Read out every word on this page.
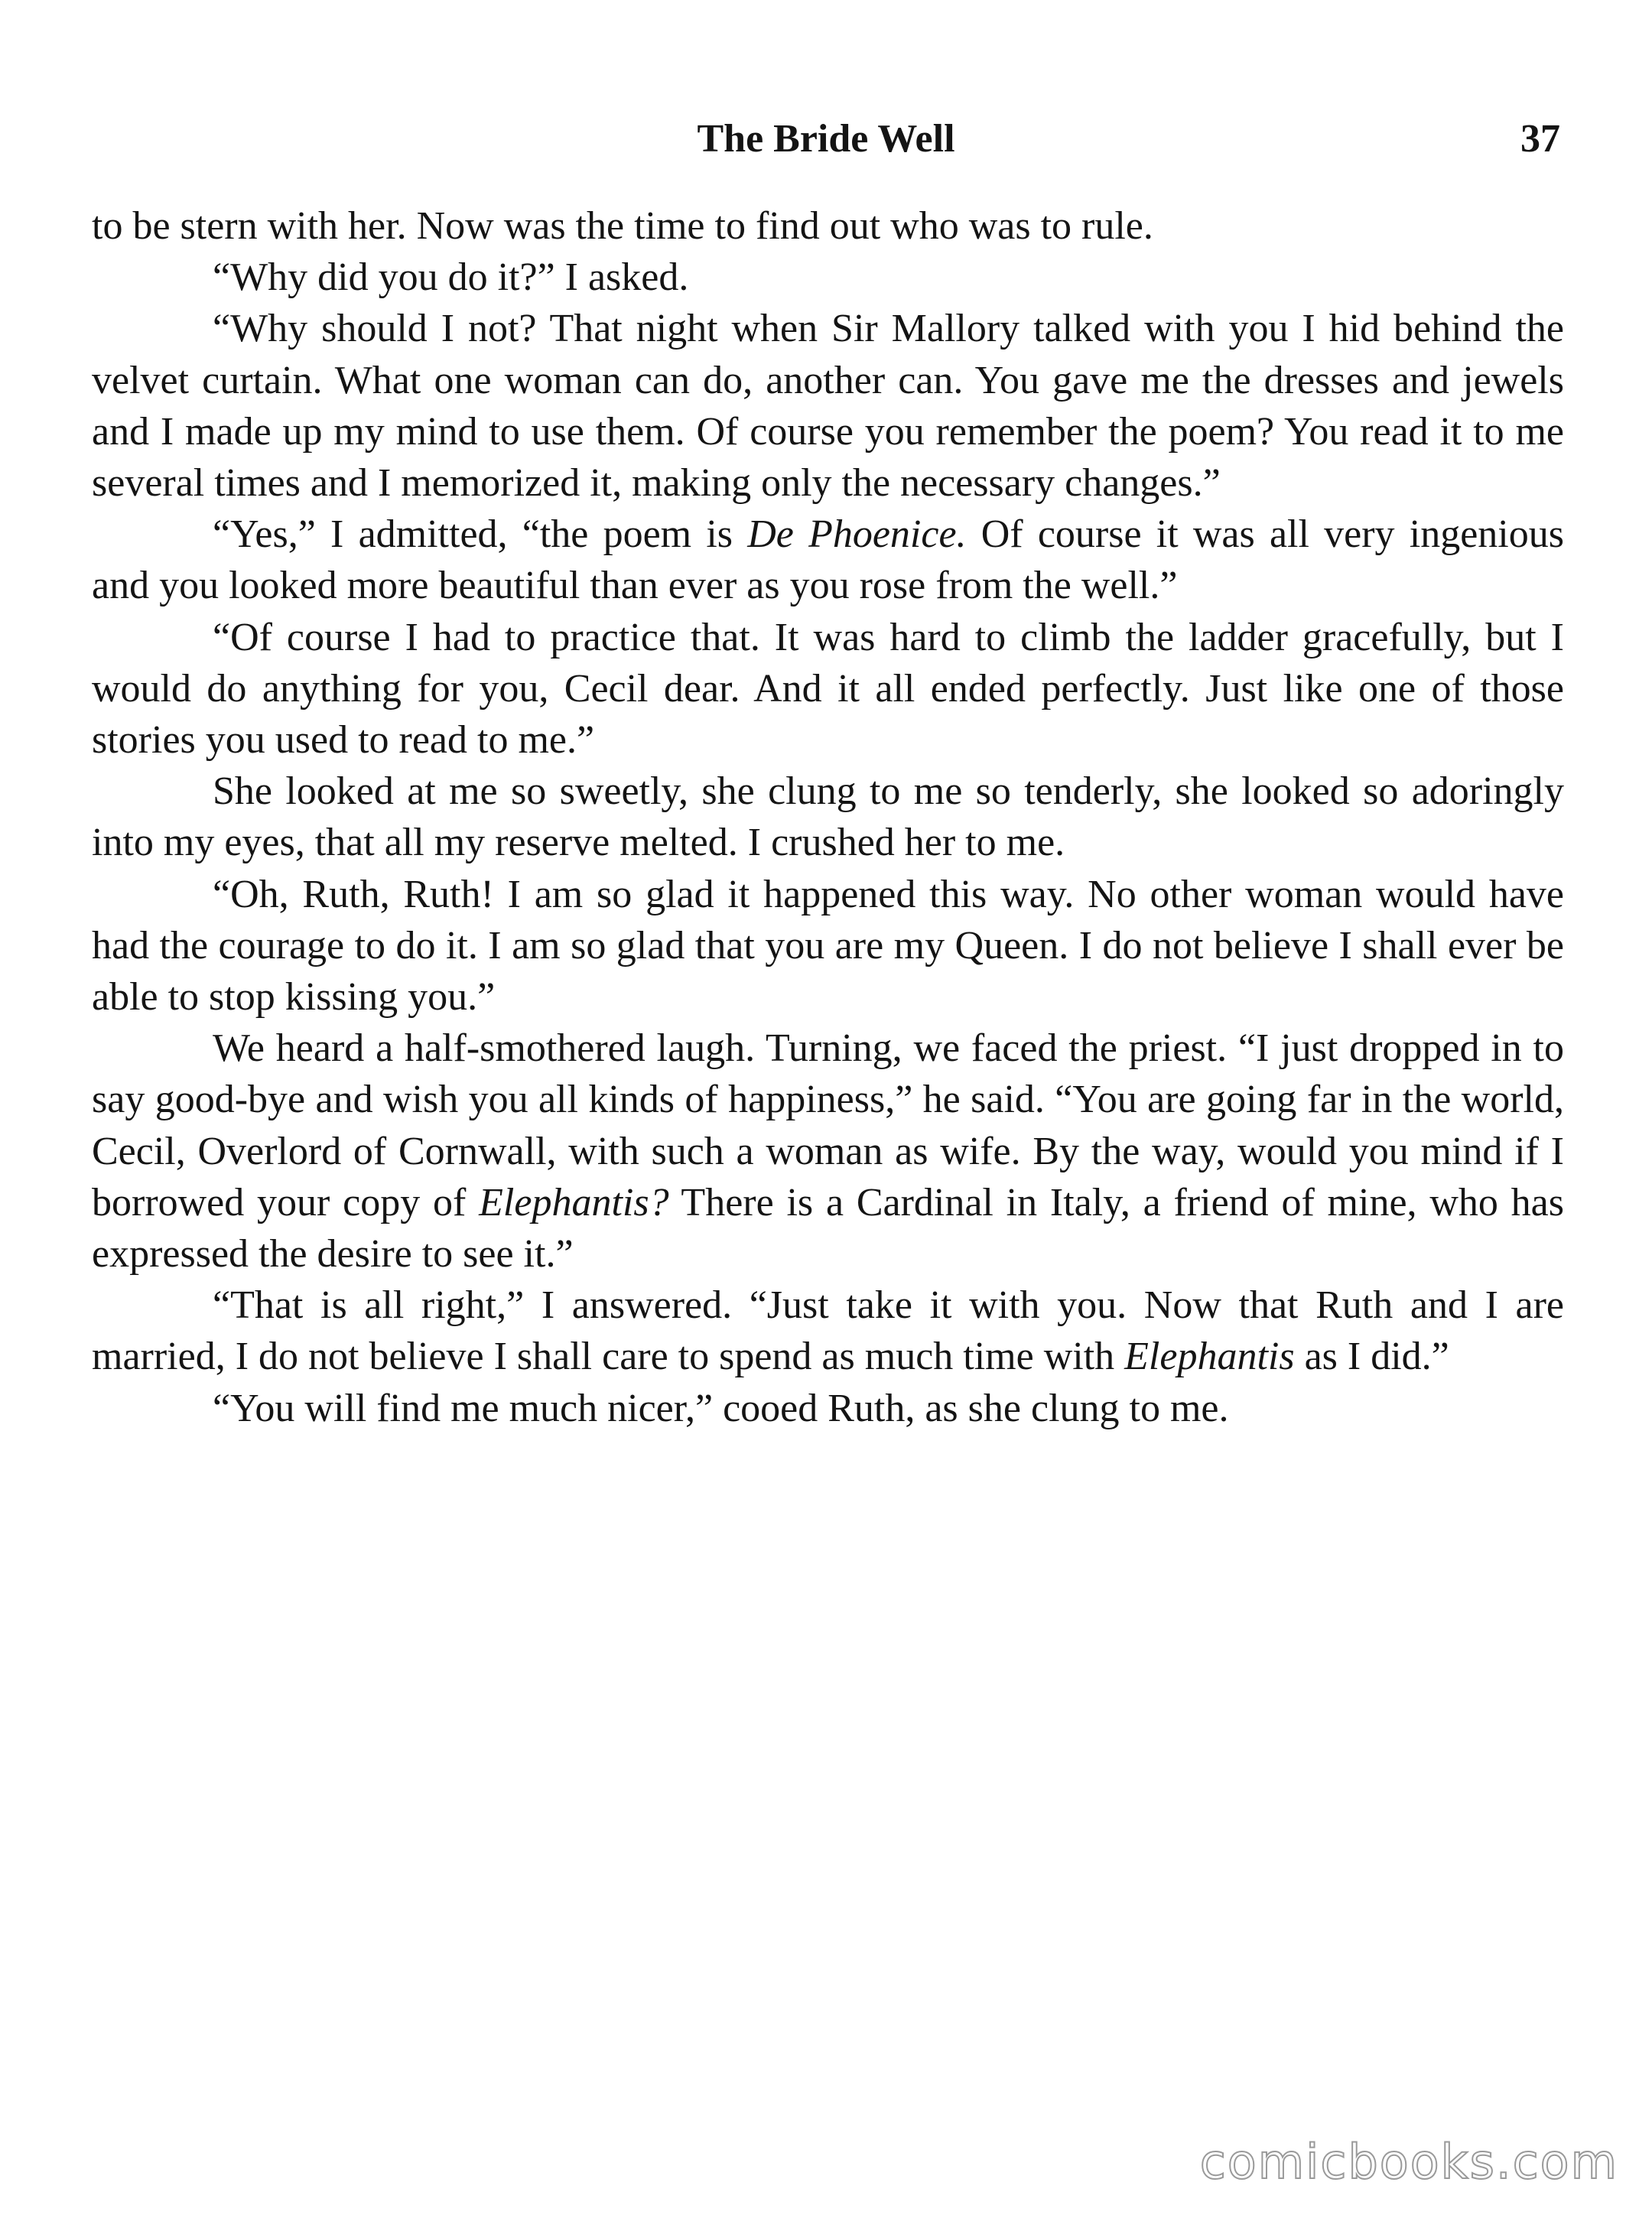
The Bride Well	37

to be stern with her. Now was the time to find out who was to rule.

“Why did you do it?” I asked.

“Why should I not? That night when Sir Mallory talked with you I hid behind the velvet curtain. What one woman can do, another can. You gave me the dresses and jewels and I made up my mind to use them. Of course you remember the poem? You read it to me several times and I memorized it, making only the necessary changes.”

“Yes,” I admitted, “the poem is De Phoenice. Of course it was all very ingenious and you looked more beautiful than ever as you rose from the well.”

“Of course I had to practice that. It was hard to climb the ladder gracefully, but I would do anything for you, Cecil dear. And it all ended perfectly. Just like one of those stories you used to read to me.”

She looked at me so sweetly, she clung to me so tenderly, she looked so adoringly into my eyes, that all my reserve melted. I crushed her to me.

“Oh, Ruth, Ruth! I am so glad it happened this way. No other woman would have had the courage to do it. I am so glad that you are my Queen. I do not believe I shall ever be able to stop kissing you.”

We heard a half-smothered laugh. Turning, we faced the priest. “I just dropped in to say good-bye and wish you all kinds of happiness,” he said. “You are going far in the world, Cecil, Overlord of Cornwall, with such a woman as wife. By the way, would you mind if I borrowed your copy of Elephantis? There is a Cardinal in Italy, a friend of mine, who has expressed the desire to see it.”

“That is all right,” I answered. “Just take it with you. Now that Ruth and I are married, I do not believe I shall care to spend as much time with Elephantis as I did.”

“You will find me much nicer,” cooed Ruth, as she clung to me.

comicbooks.com
